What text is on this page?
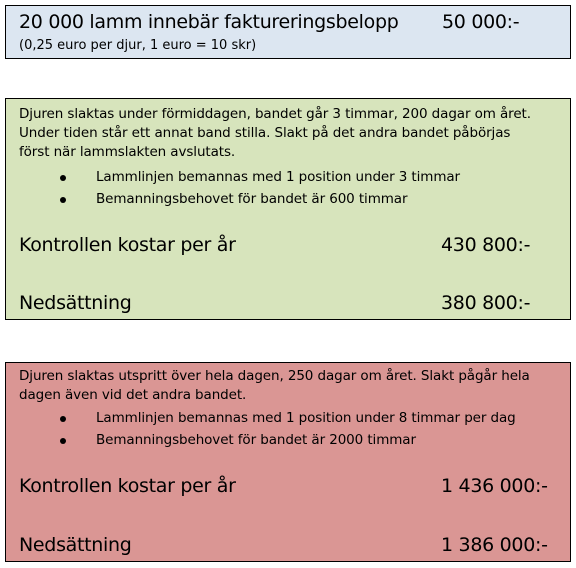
20 000 lamm innebär faktureringsbelopp 50 000:-
(0,25 euro per djur, 1 euro = 10 skr)
Djuren slaktas under förmiddagen, bandet går 3 timmar, 200 dagar om året.
Under tiden står ett annat band stilla. Slakt på det andra bandet påbörjas
först när lammslakten avslutats.
Lammlinjen bemannas med 1 position under 3 timmar
Bemanningsbehovet för bandet är 600 timmar
Kontrollen kostar per år	430 800:-
Nedsättning	380 800:-
Djuren slaktas utspritt över hela dagen, 250 dagar om året. Slakt pågår hela
dagen även vid det andra bandet.
Lammlinjen bemannas med 1 position under 8 timmar per dag
Bemanningsbehovet för bandet är 2000 timmar
Kontrollen kostar per år	1 436 000:-
Nedsättning	1 386 000:-
